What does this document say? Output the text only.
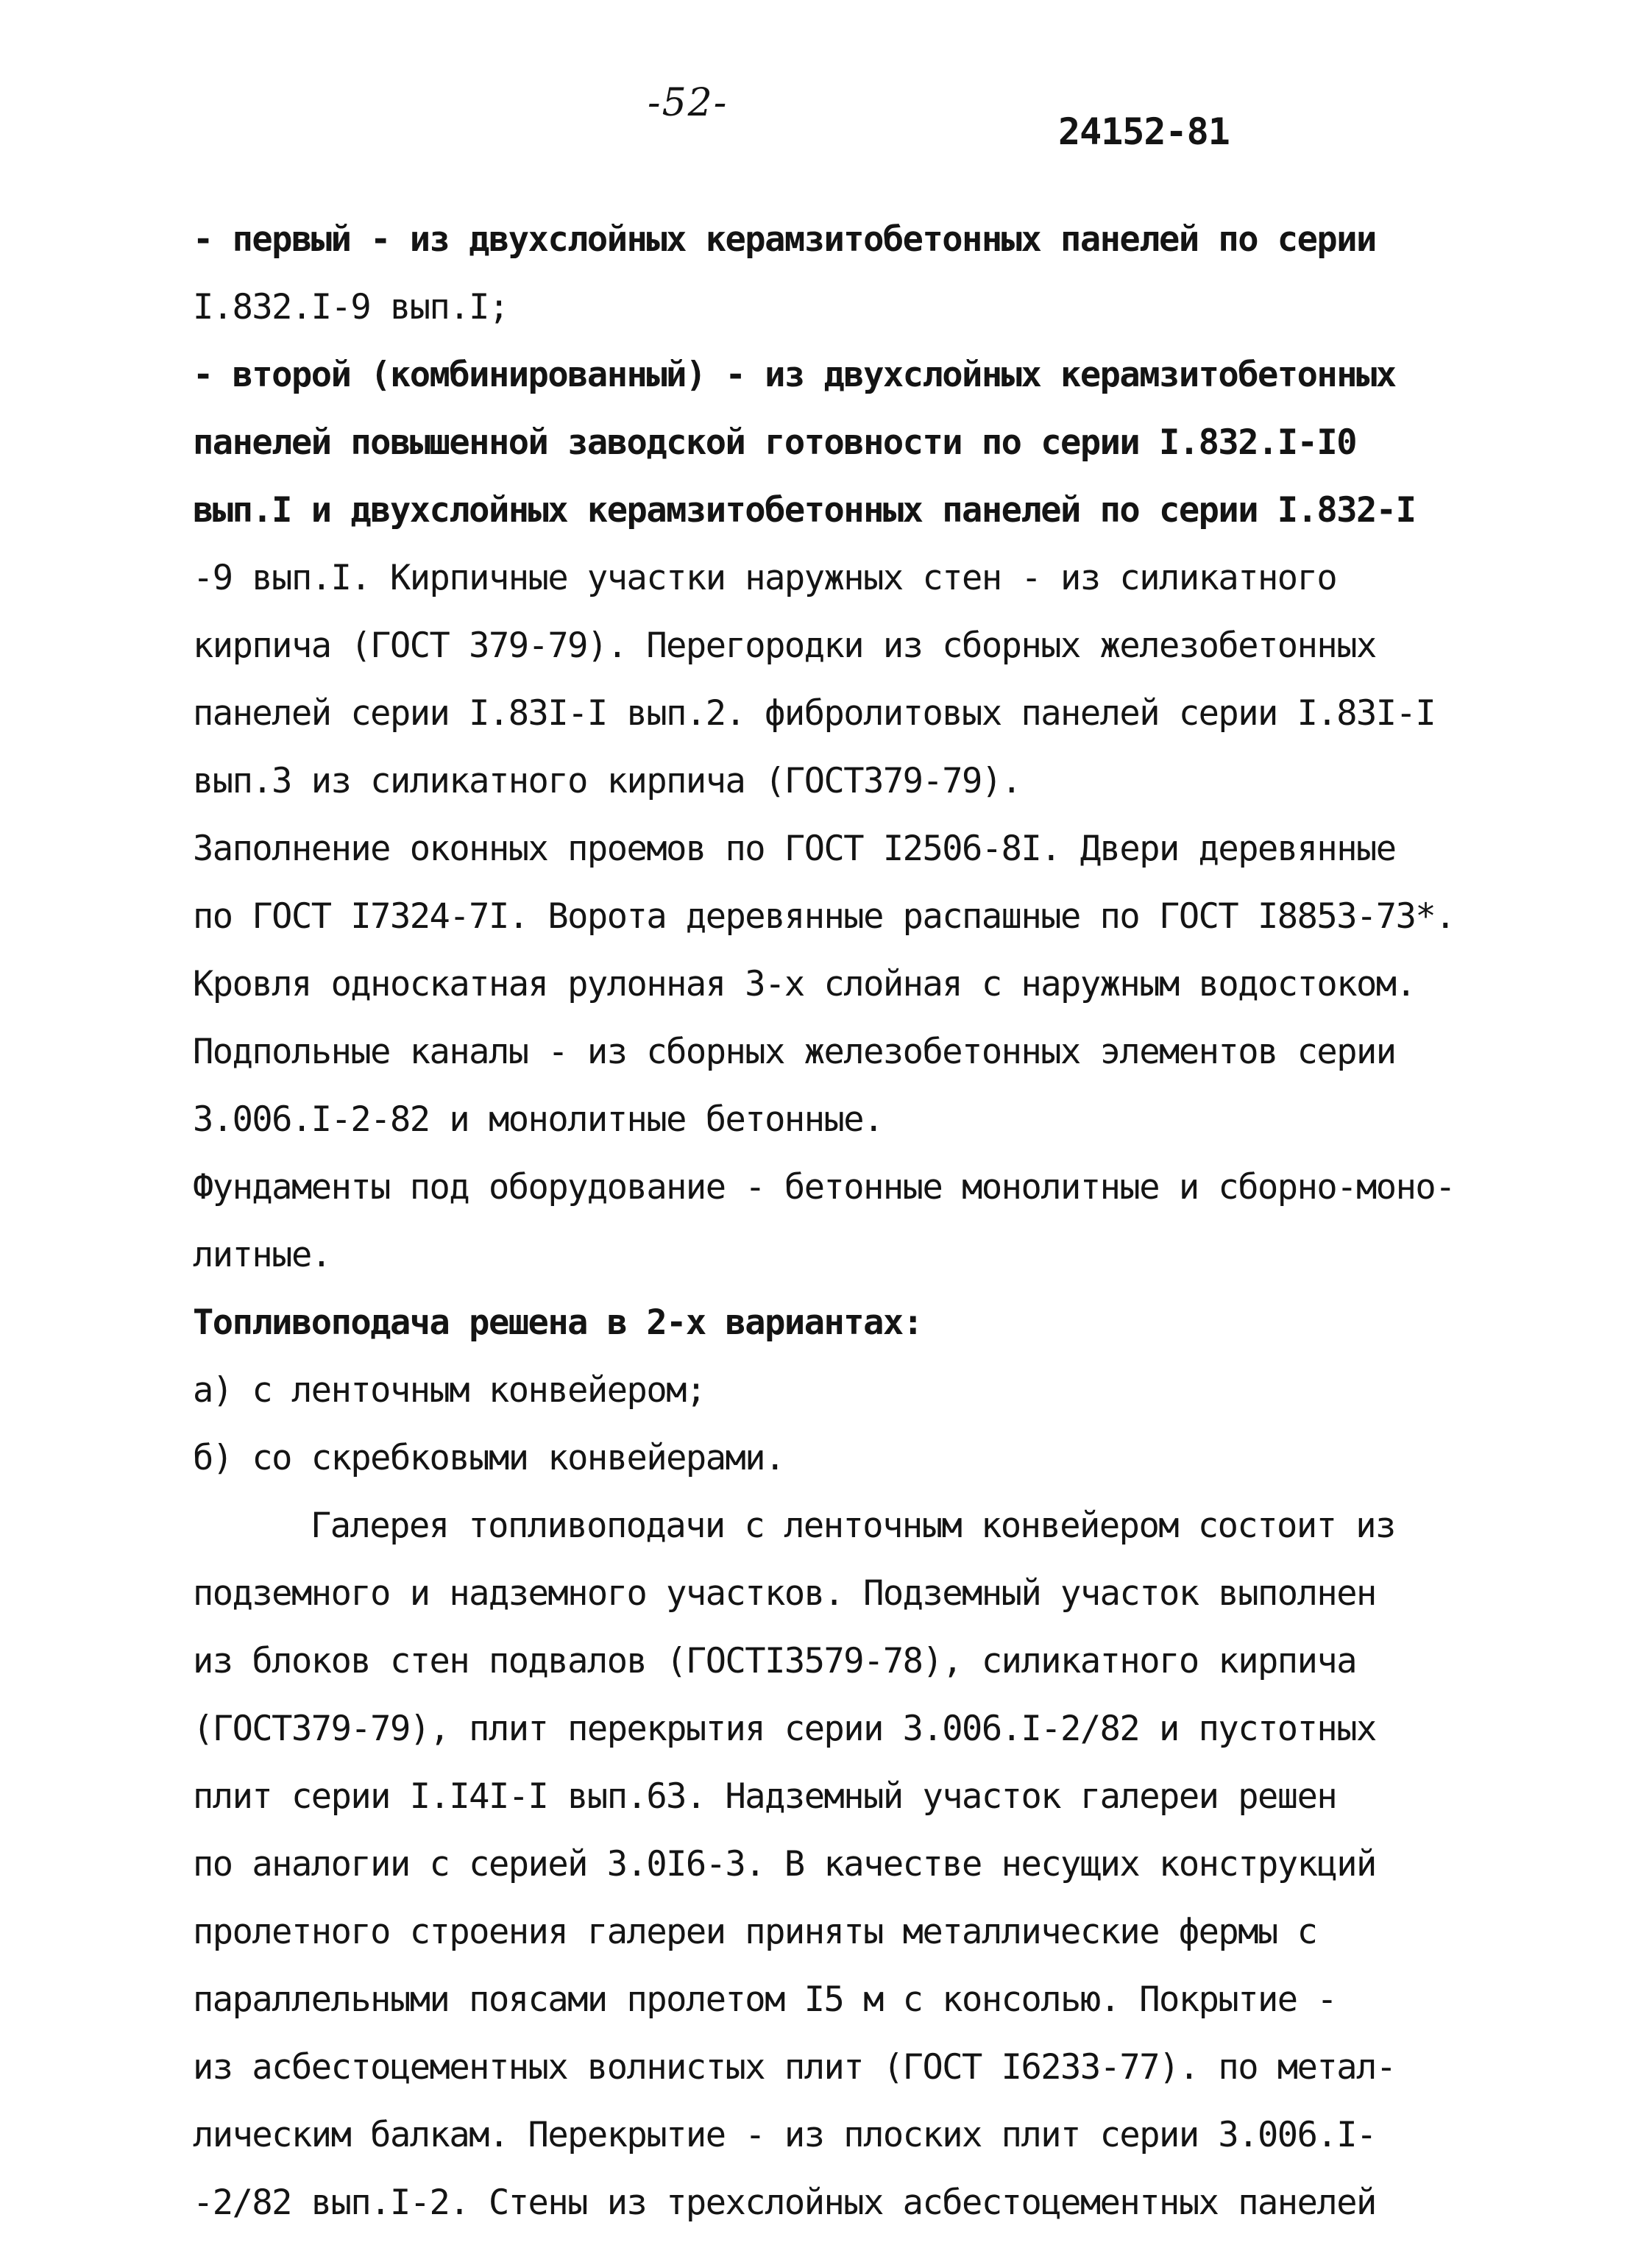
-52-
24152-81
- первый - из двухслойных керамзитобетонных панелей по серии
I.832.I-9 вып.I;
- второй (комбинированный) - из двухслойных керамзитобетонных
панелей повышенной заводской готовности по серии I.832.I-I0
вып.I и двухслойных керамзитобетонных панелей по серии I.832-I
-9 вып.I. Кирпичные участки наружных стен - из силикатного
кирпича (ГОСТ 379-79). Перегородки из сборных железобетонных
панелей серии I.83I-I вып.2. фибролитовых панелей серии I.83I-I
вып.3 из силикатного кирпича (ГОСТ379-79).
Заполнение оконных проемов по ГОСТ I2506-8I. Двери деревянные
по ГОСТ I7324-7I. Ворота деревянные распашные по ГОСТ I8853-73*.
Кровля односкатная рулонная 3-х слойная с наружным водостоком.
Подпольные каналы - из сборных железобетонных элементов серии
3.006.I-2-82 и монолитные бетонные.
Фундаменты под оборудование - бетонные монолитные и сборно-моно-
литные.
Топливоподача решена в 2-х вариантах:
а) с ленточным конвейером;
б) со скребковыми конвейерами.
Галерея топливоподачи с ленточным конвейером состоит из
подземного и надземного участков. Подземный участок выполнен
из блоков стен подвалов (ГОСТI3579-78), силикатного кирпича
(ГОСТ379-79), плит перекрытия серии 3.006.I-2/82 и пустотных
плит серии I.I4I-I вып.63. Надземный участок галереи решен
по аналогии с серией 3.0I6-3. В качестве несущих конструкций
пролетного строения галереи приняты металлические фермы с
параллельными поясами пролетом I5 м с консолью. Покрытие -
из асбестоцементных волнистых плит (ГОСТ I6233-77). по метал-
лическим балкам. Перекрытие - из плоских плит серии 3.006.I-
-2/82 вып.I-2. Стены из трехслойных асбестоцементных панелей
